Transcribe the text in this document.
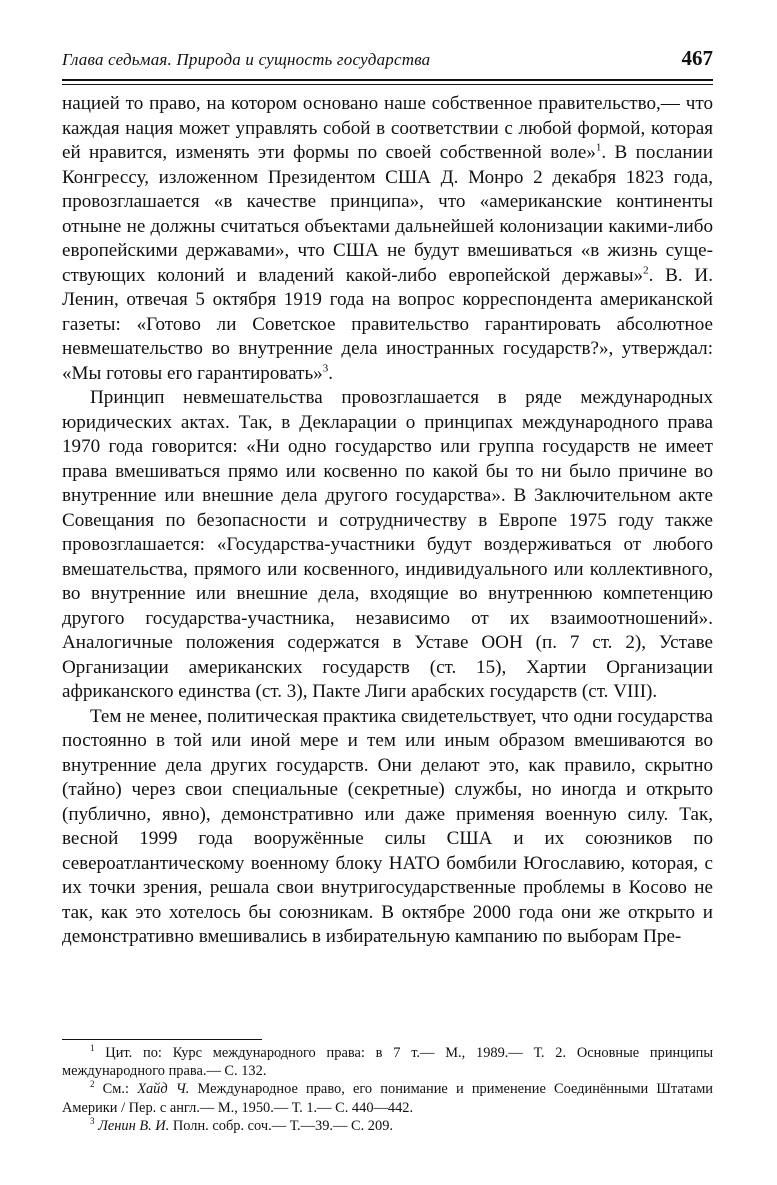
Глава седьмая. Природа и сущность государства	467

нацией то право, на котором основано наше собственное правительство,— что каждая нация может управлять собой в соответствии с любой формой, которая ей нравится, изменять эти формы по своей собственной воле»$^1$. В послании Конгрессу, изложенном Президентом США Д. Монро 2 декабря 1823 года, провозглашается «в качестве принципа», что «американские континенты отныне не должны считаться объектами дальнейшей колонизации какими-либо европейскими державами», что США не будут вмешиваться «в жизнь существующих колоний и владений какой-либо европейской державы»$^2$. В. И. Ленин, отвечая 5 октября 1919 года на вопрос корреспондента американской газеты: «Готово ли Советское правительство гарантировать абсолютное невмешательство во внутренние дела иностранных государств?», утверждал: «Мы готовы его гарантировать»$^3$.

Принцип невмешательства провозглашается в ряде международных юридических актах. Так, в Декларации о принципах международного права 1970 года говорится: «Ни одно государство или группа государств не имеет права вмешиваться прямо или косвенно по какой бы то ни было причине во внутренние или внешние дела другого государства». В Заключительном акте Совещания по безопасности и сотрудничеству в Европе 1975 году также провозглашается: «Государства-участники будут воздерживаться от любого вмешательства, прямого или косвенного, индивидуального или коллективного, во внутренние или внешние дела, входящие во внутреннюю компетенцию другого государства-участника, независимо от их взаимоотношений». Аналогичные положения содержатся в Уставе ООН (п. 7 ст. 2), Уставе Организации американских государств (ст. 15), Хартии Организации африканского единства (ст. 3), Пакте Лиги арабских государств (ст. VIII).

Тем не менее, политическая практика свидетельствует, что одни государства постоянно в той или иной мере и тем или иным образом вмешиваются во внутренние дела других государств. Они делают это, как правило, скрытно (тайно) через свои специальные (секретные) службы, но иногда и открыто (публично, явно), демонстративно или даже применяя военную силу. Так, весной 1999 года вооружённые силы США и их союзников по североатлантическому военному блоку НАТО бомбили Югославию, которая, с их точки зрения, решала свои внутригосударственные проблемы в Косово не так, как это хотелось бы союзникам. В октябре 2000 года они же открыто и демонстративно вмешивались в избирательную кампанию по выборам Пре-

$^1$ Цит. по: Курс международного права: в 7 т.— М., 1989.— Т. 2. Основные принципы международного права.— С. 132.

$^2$ См.: Хайд Ч. Международное право, его понимание и применение Соединёнными Штатами Америки / Пер. с англ.— М., 1950.— Т. 1.— С. 440—442.

$^3$ Ленин В. И. Полн. собр. соч.— Т.—39.— С. 209.
